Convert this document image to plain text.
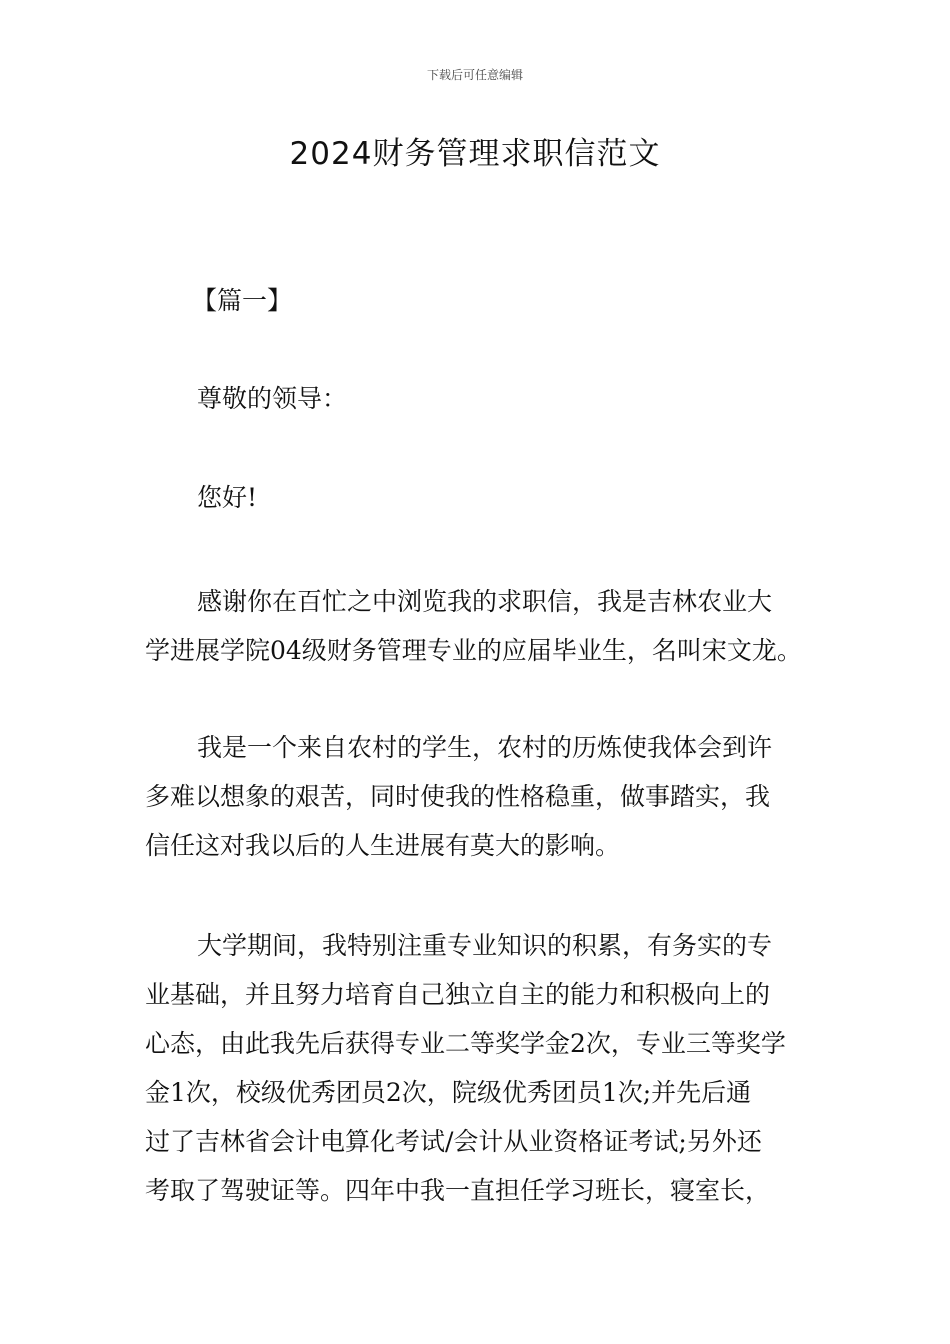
下载后可任意编辑
2024财务管理求职信范文
【篇一】
尊敬的领导：
您好!
感谢你在百忙之中浏览我的求职信，我是吉林农业大
学进展学院04级财务管理专业的应届毕业生，名叫宋文龙。
我是一个来自农村的学生，农村的历炼使我体会到许
多难以想象的艰苦，同时使我的性格稳重，做事踏实，我
信任这对我以后的人生进展有莫大的影响。
大学期间，我特别注重专业知识的积累，有务实的专
业基础，并且努力培育自己独立自主的能力和积极向上的
心态，由此我先后获得专业二等奖学金2次，专业三等奖学
金1次，校级优秀团员2次，院级优秀团员1次;并先后通
过了吉林省会计电算化考试/会计从业资格证考试;另外还
考取了驾驶证等。四年中我一直担任学习班长，寝室长，
